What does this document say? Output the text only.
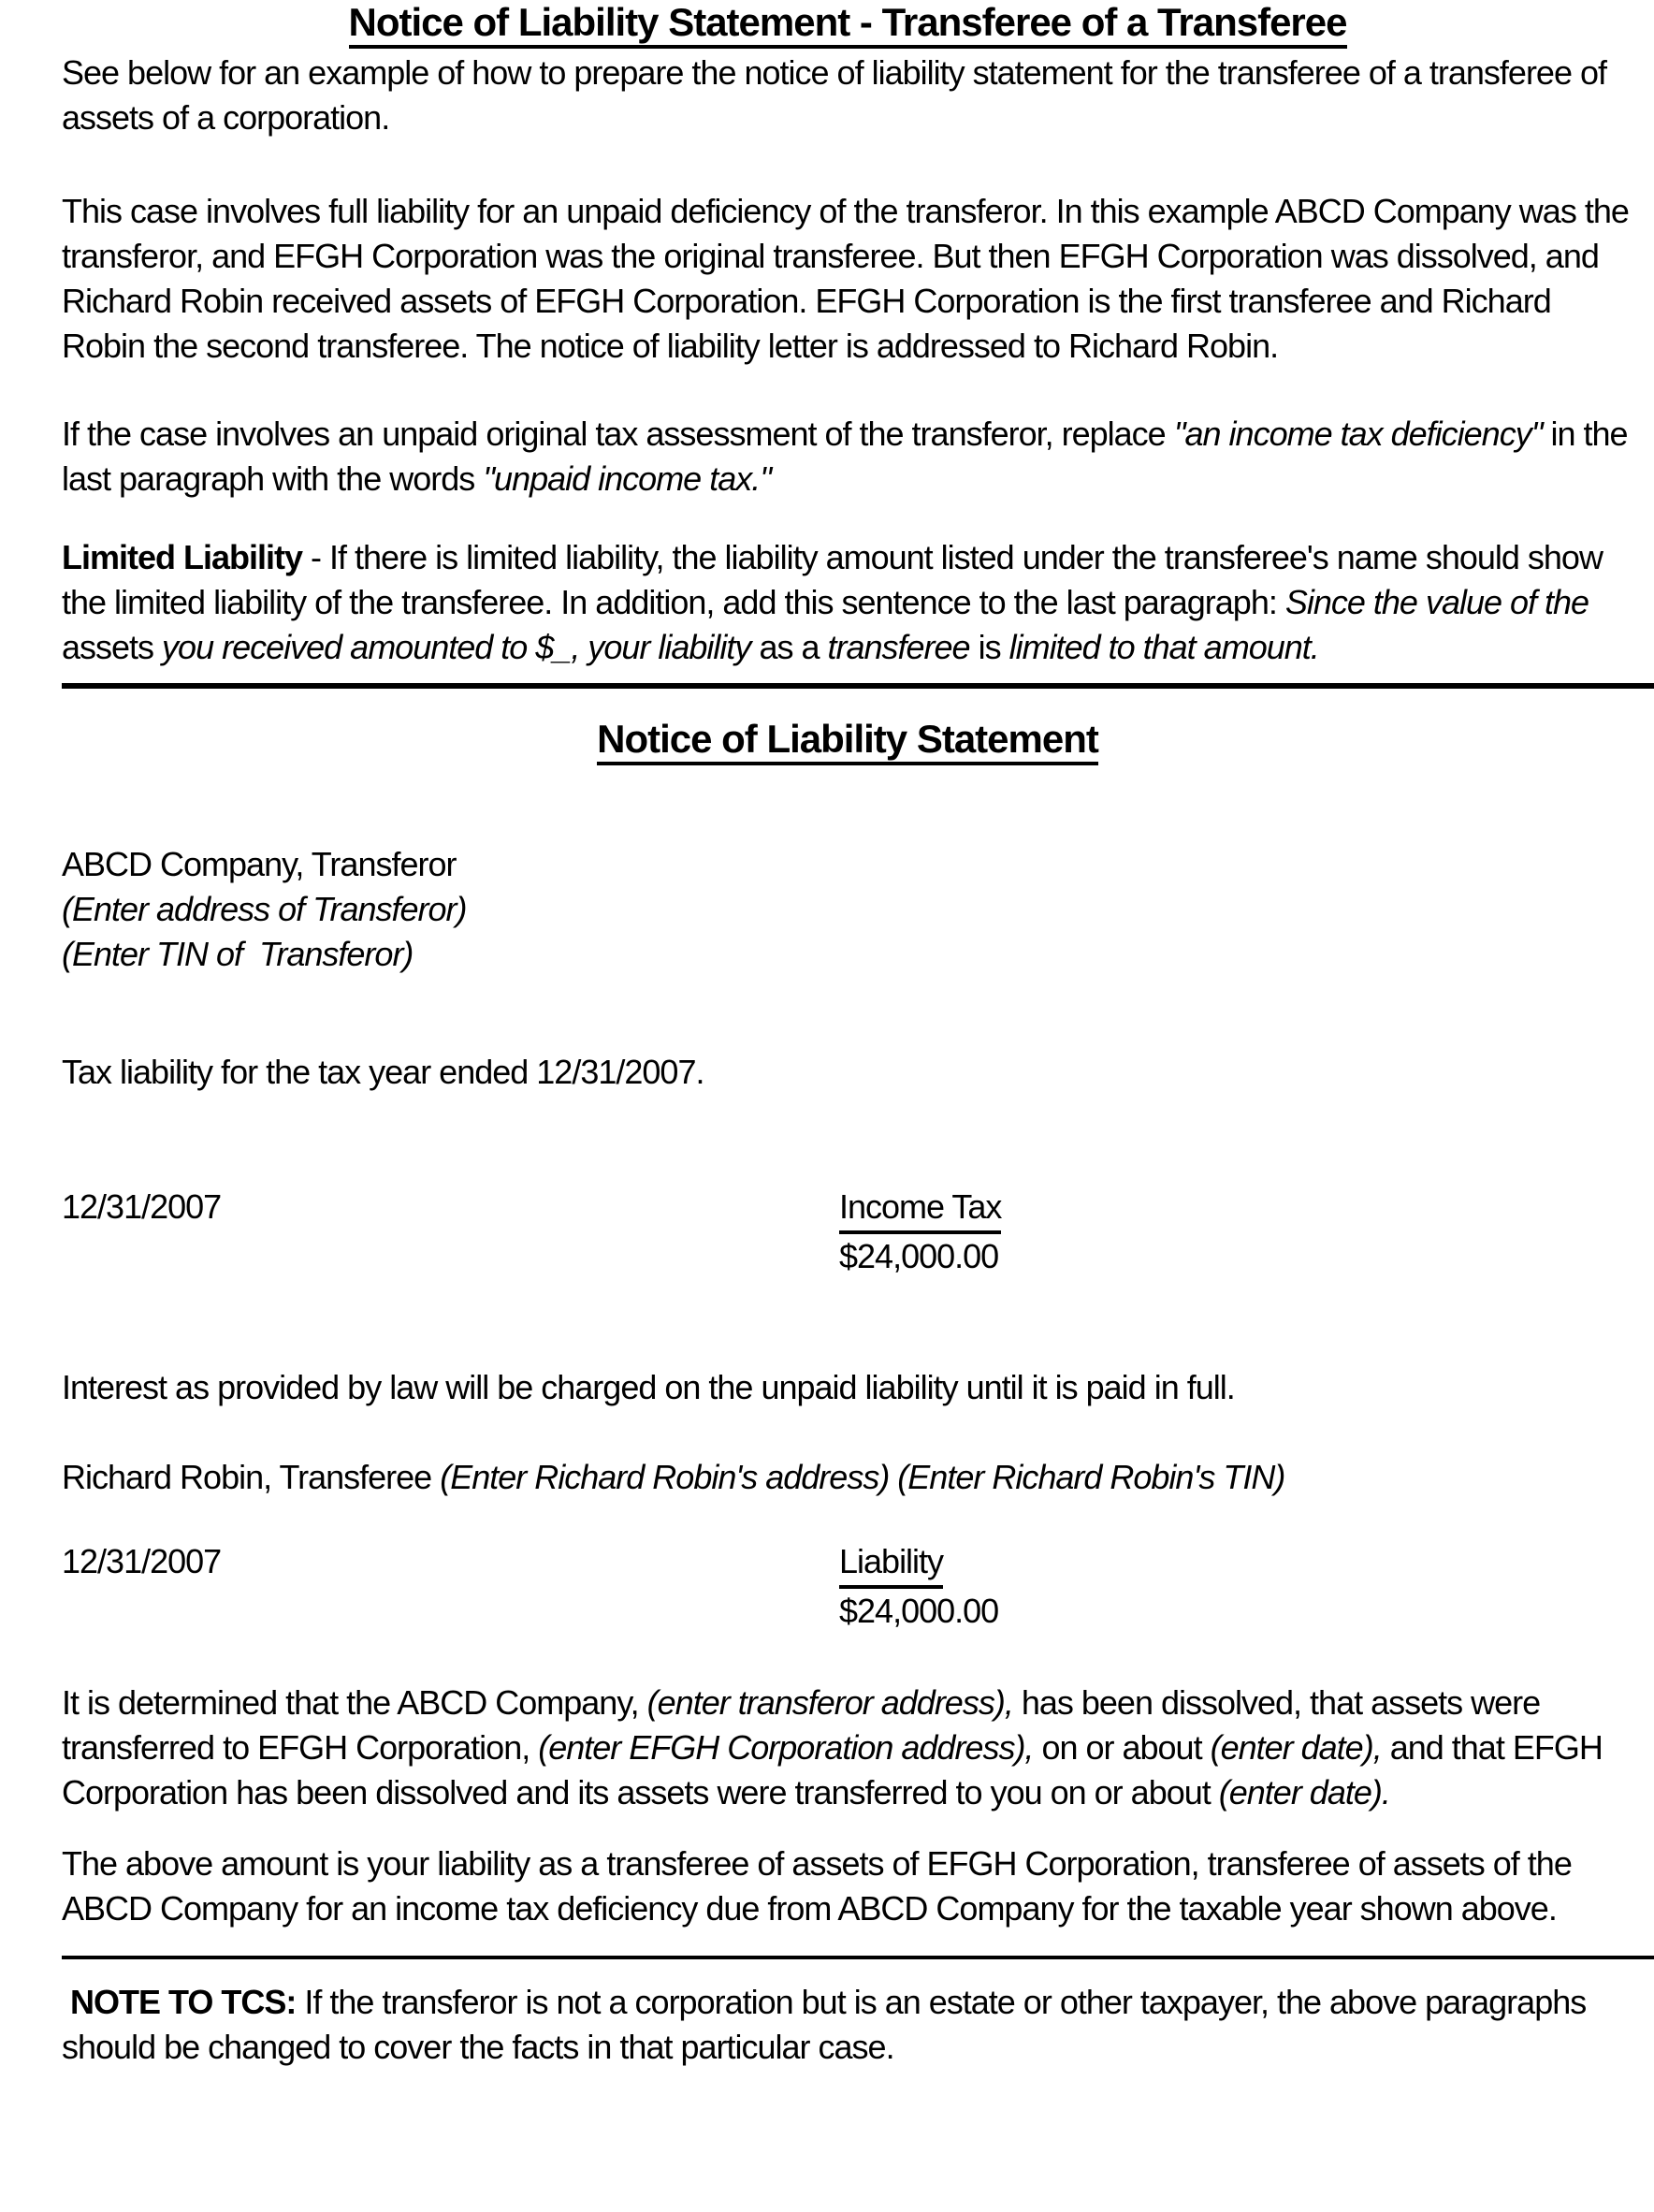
Notice of Liability Statement - Transferee of a Transferee

See below for an example of how to prepare the notice of liability statement for the transferee of a transferee of assets of a corporation.

This case involves full liability for an unpaid deficiency of the transferor. In this example ABCD Company was the transferor, and EFGH Corporation was the original transferee. But then EFGH Corporation was dissolved, and Richard Robin received assets of EFGH Corporation. EFGH Corporation is the first transferee and Richard Robin the second transferee. The notice of liability letter is addressed to Richard Robin.

If the case involves an unpaid original tax assessment of the transferor, replace "an income tax deficiency" in the last paragraph with the words "unpaid income tax."

Limited Liability - If there is limited liability, the liability amount listed under the transferee's name should show the limited liability of the transferee. In addition, add this sentence to the last paragraph: Since the value of the assets you received amounted to $_, your liability as a transferee is limited to that amount.

Notice of Liability Statement

ABCD Company, Transferor

(Enter address of Transferor)

(Enter TIN of  Transferor)

Tax liability for the tax year ended 12/31/2007.

12/31/2007	Income Tax
$24,000.00

Interest as provided by law will be charged on the unpaid liability until it is paid in full.

Richard Robin, Transferee (Enter Richard Robin's address) (Enter Richard Robin's TIN)

12/31/2007	Liability
$24,000.00

It is determined that the ABCD Company, (enter transferor address), has been dissolved, that assets were transferred to EFGH Corporation, (enter EFGH Corporation address), on or about (enter date), and that EFGH Corporation has been dissolved and its assets were transferred to you on or about (enter date).

The above amount is your liability as a transferee of assets of EFGH Corporation, transferee of assets of the ABCD Company for an income tax deficiency due from ABCD Company for the taxable year shown above.

NOTE TO TCS: If the transferor is not a corporation but is an estate or other taxpayer, the above paragraphs should be changed to cover the facts in that particular case.
